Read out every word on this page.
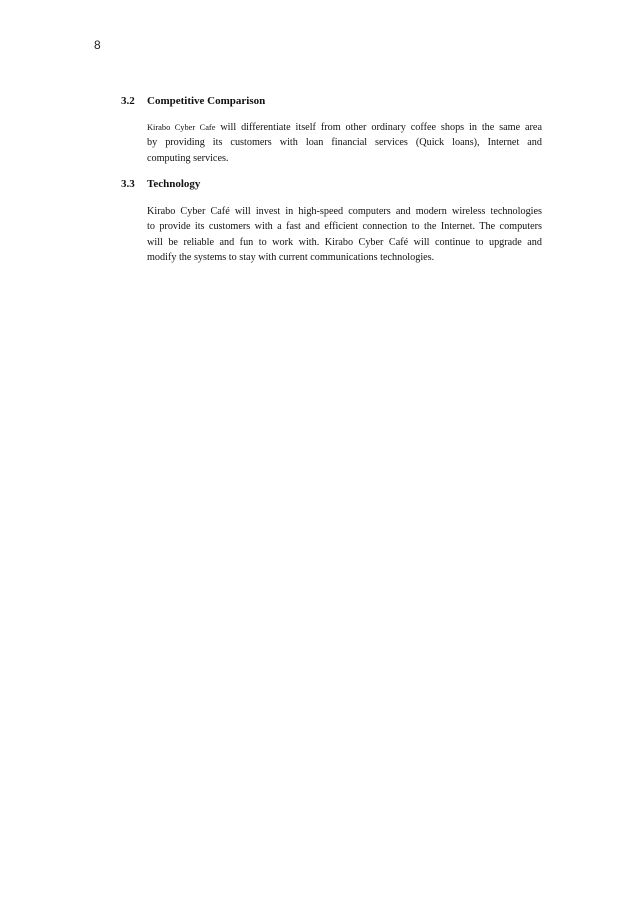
8
3.2 Competitive Comparison
Kirabo Cyber Cafe will differentiate itself from other ordinary coffee shops in the same area
by providing its customers with loan financial services (Quick loans), Internet and
computing services.
3.3 Technology
Kirabo Cyber Café will invest in high-speed computers and modern wireless technologies
to provide its customers with a fast and efficient connection to the Internet. The computers
will be reliable and fun to work with. Kirabo Cyber Café will continue to upgrade and
modify the systems to stay with current communications technologies.
